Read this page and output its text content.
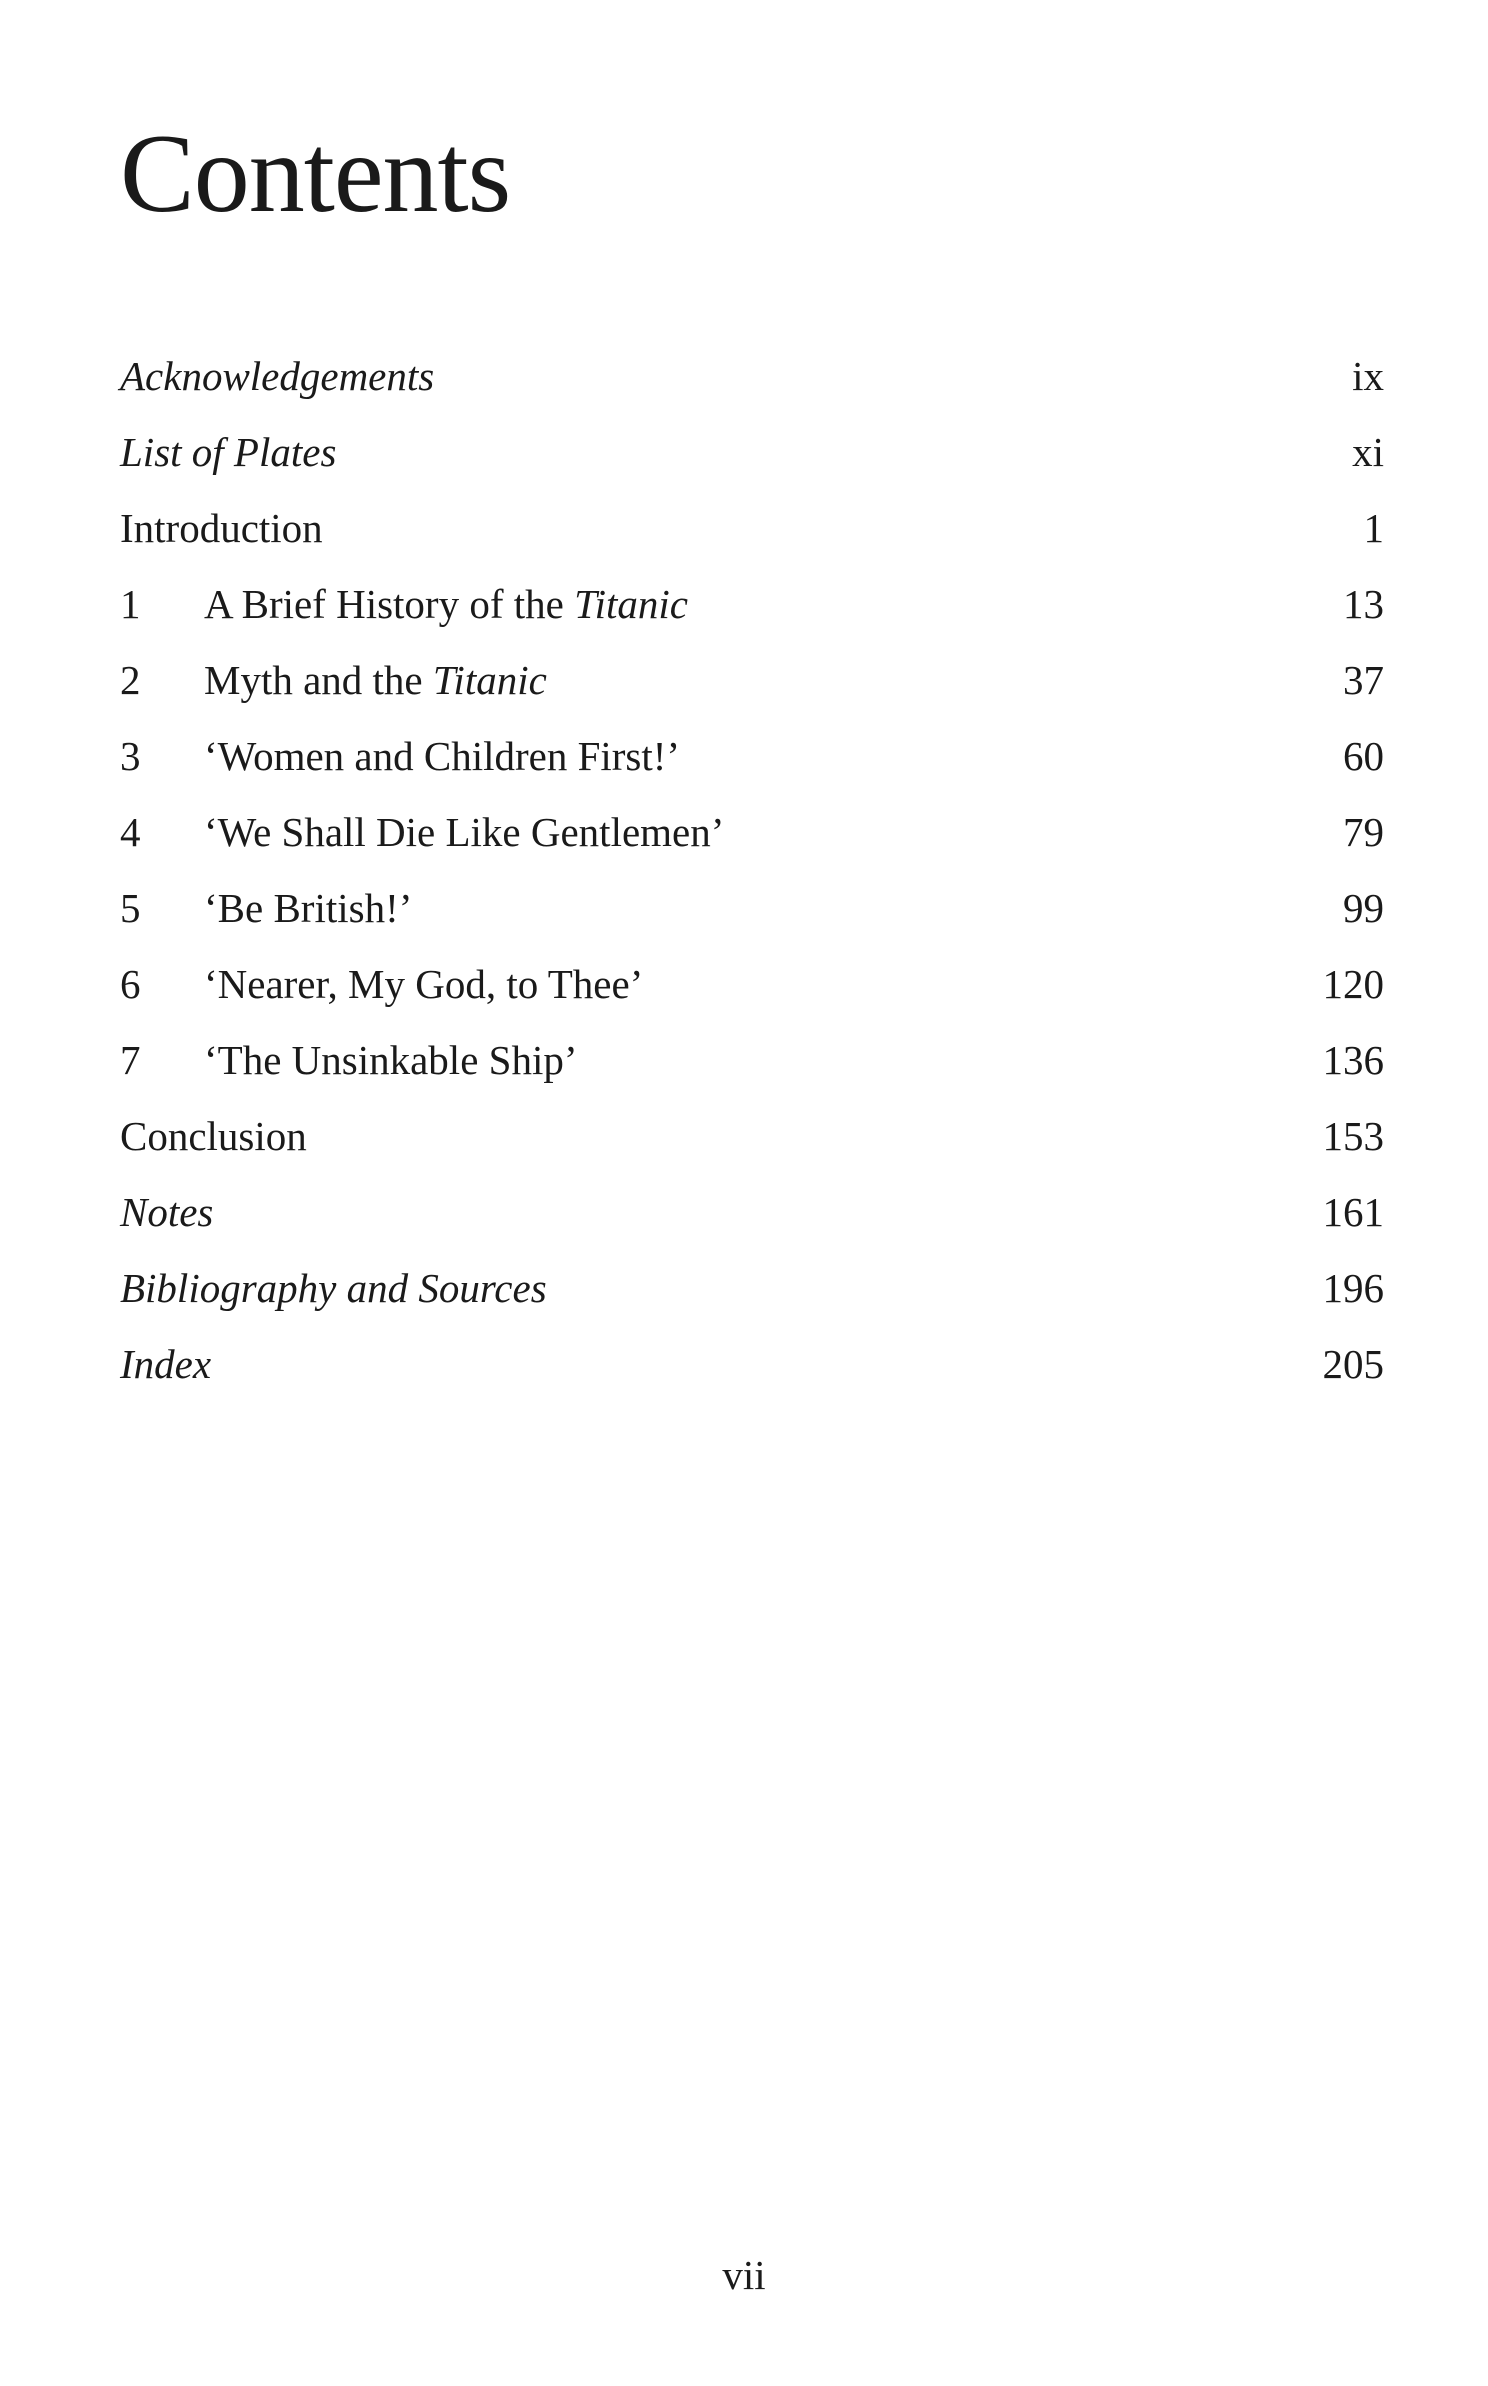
Contents
Acknowledgements	ix
List of Plates	xi
Introduction	1
1 A Brief History of the Titanic	13
2 Myth and the Titanic	37
3 ‘Women and Children First!’	60
4 ‘We Shall Die Like Gentlemen’	79
5 ‘Be British!’	99
6 ‘Nearer, My God, to Thee’	120
7 ‘The Unsinkable Ship’	136
Conclusion	153
Notes	161
Bibliography and Sources	196
Index	205
vii
